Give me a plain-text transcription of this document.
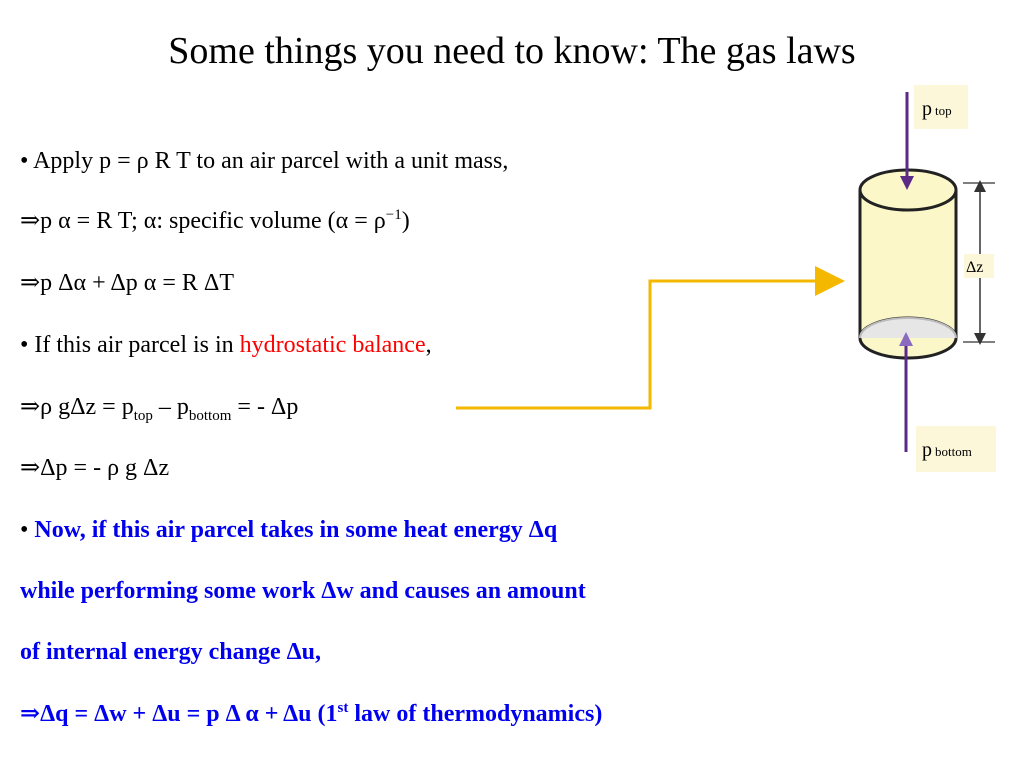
Some things you need to know: The gas laws
• Apply p = ρ R T to an air parcel with a unit mass,
⇒p α = R T; α: specific volume $(\alpha = \rho^{-1})$
⇒p Δα + Δp α = R ΔT
• If this air parcel is in hydrostatic balance,
⇒ρ $g\Delta z = p_{top} - p_{bottom}$ = - Δp
⇒Δp = - ρ g Δz
• Now, if this air parcel takes in some heat energy Δq
while performing some work Δw and causes an amount
of internal energy change Δu,
⇒Δq = Δw + Δu = p Δ α + Δu (1st law of thermodynamics)
ptop
pbottom
Δz
